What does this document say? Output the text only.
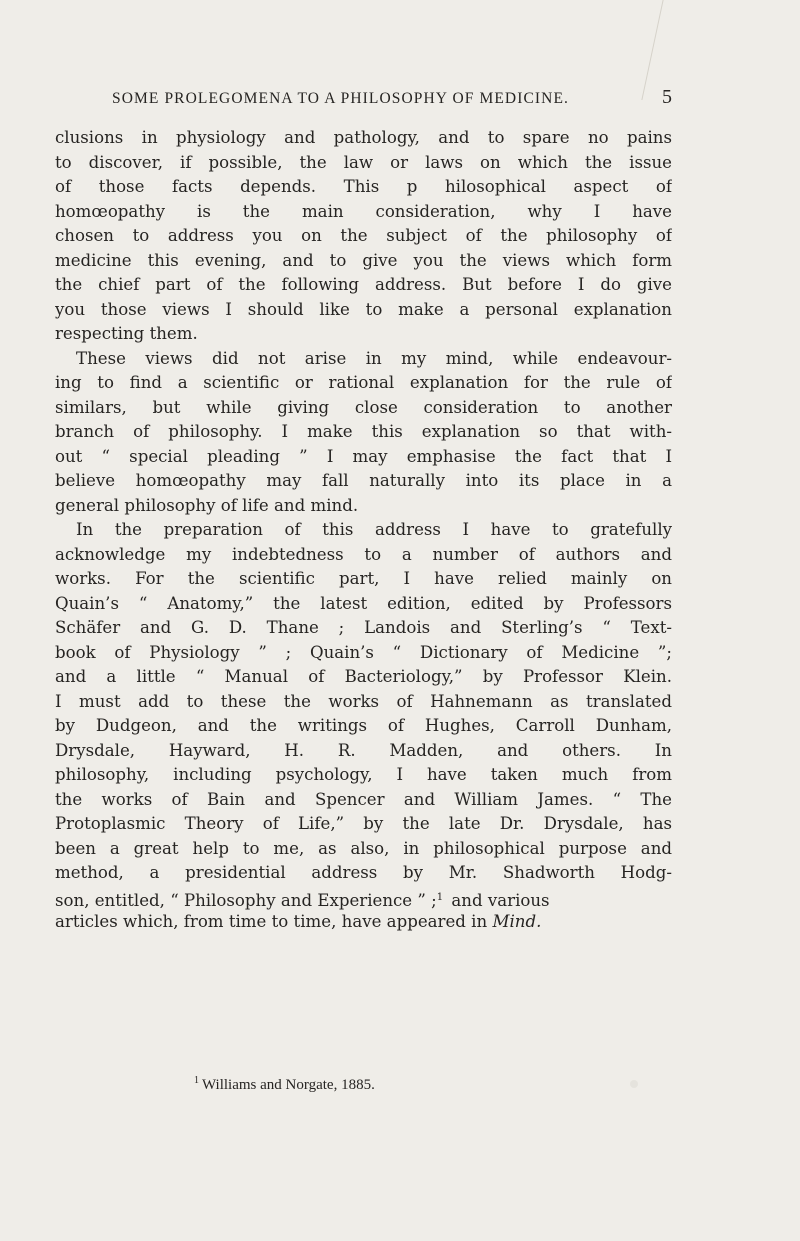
SOME PROLEGOMENA TO A PHILOSOPHY OF MEDICINE.	5
clusions in physiology and pathology, and to spare no pains
to discover, if possible, the law or laws on which the issue
of those facts depends. This p hilosophical aspect of
homœopathy is the main consideration, why I have
chosen to address you on the subject of the philosophy of
medicine this evening, and to give you the views which form
the chief part of the following address. But before I do give
you those views I should like to make a personal explanation
respecting them.
These views did not arise in my mind, while endeavour-
ing to find a scientific or rational explanation for the rule of
similars, but while giving close consideration to another
branch of philosophy. I make this explanation so that with-
out “ special pleading ” I may emphasise the fact that I
believe homœopathy may fall naturally into its place in a
general philosophy of life and mind.
In the preparation of this address I have to gratefully
acknowledge my indebtedness to a number of authors and
works. For the scientific part, I have relied mainly on
Quain’s “ Anatomy,” the latest edition, edited by Professors
Schäfer and G. D. Thane ; Landois and Sterling’s “ Text-
book of Physiology ” ; Quain’s “ Dictionary of Medicine ”;
and a little “ Manual of Bacteriology,” by Professor Klein.
I must add to these the works of Hahnemann as translated
by Dudgeon, and the writings of Hughes, Carroll Dunham,
Drysdale, Hayward, H. R. Madden, and others. In
philosophy, including psychology, I have taken much from
the works of Bain and Spencer and William James. “ The
Protoplasmic Theory of Life,” by the late Dr. Drysdale, has
been a great help to me, as also, in philosophical purpose and
method, a presidential address by Mr. Shadworth Hodg-
son, entitled, “ Philosophy and Experience ” ;$^1$ and various
articles which, from time to time, have appeared in Mind.
$^1$ Williams and Norgate, 1885.
